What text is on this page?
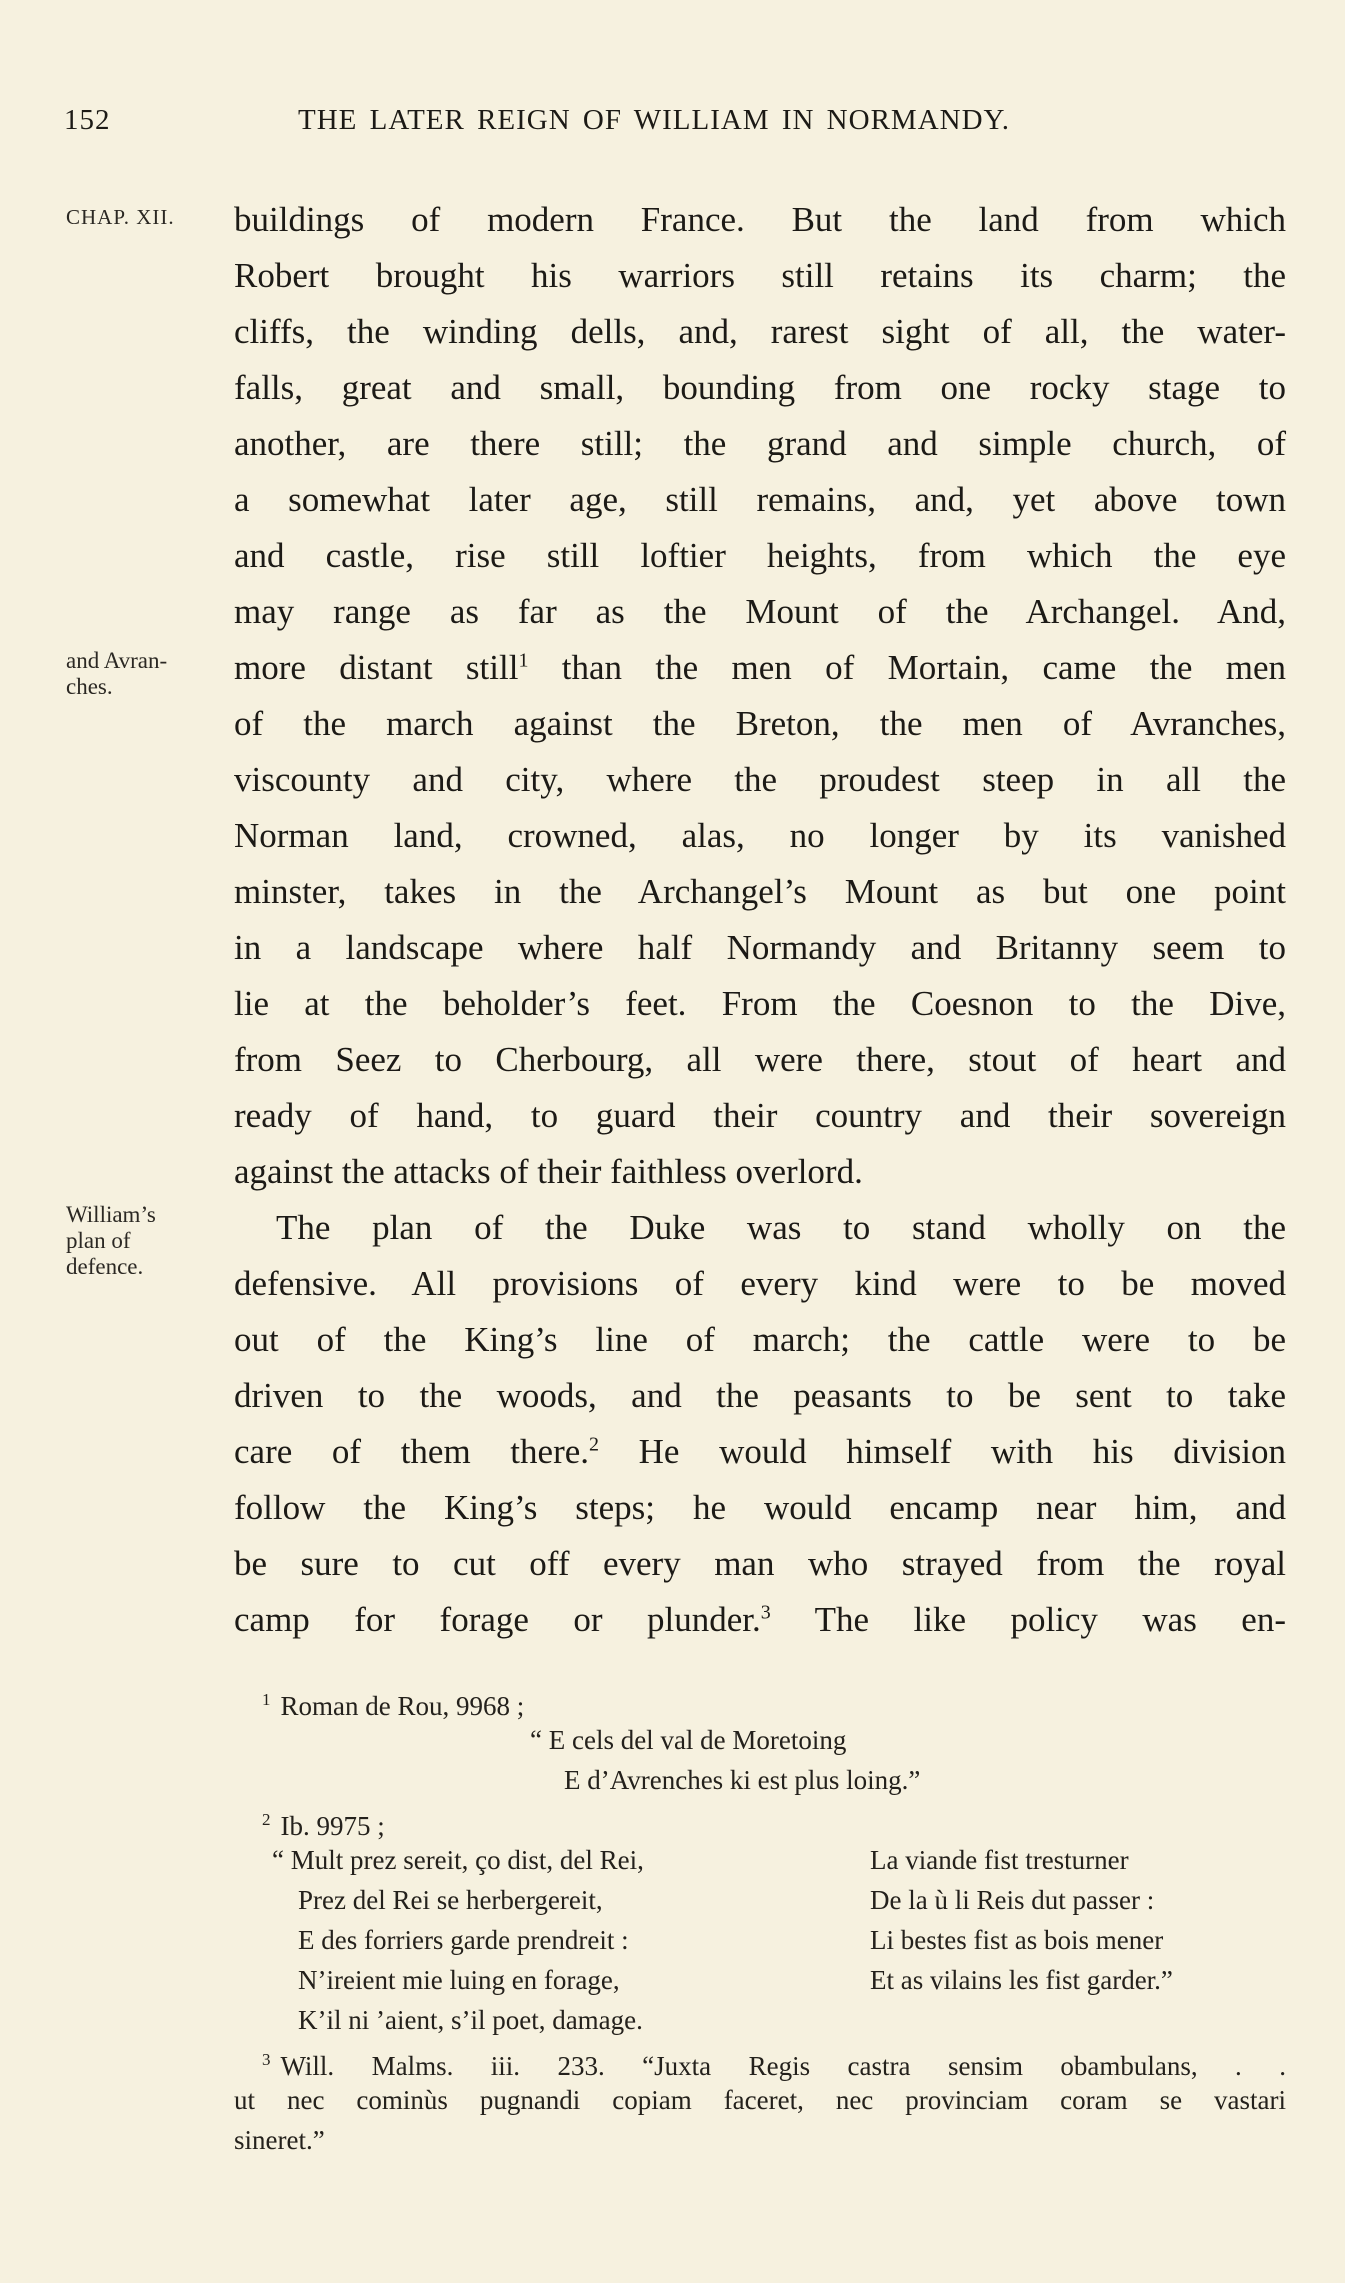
152	THE LATER REIGN OF WILLIAM IN NORMANDY.
CHAP. XII.
and Avran-
ches.
William’s
plan of
defence.
buildings of modern France. But the land from which
Robert brought his warriors still retains its charm; the
cliffs, the winding dells, and, rarest sight of all, the water-
falls, great and small, bounding from one rocky stage to
another, are there still; the grand and simple church, of
a somewhat later age, still remains, and, yet above town
and castle, rise still loftier heights, from which the eye
may range as far as the Mount of the Archangel. And,
more distant still$^1$ than the men of Mortain, came the men
of the march against the Breton, the men of Avranches,
viscounty and city, where the proudest steep in all the
Norman land, crowned, alas, no longer by its vanished
minster, takes in the Archangel’s Mount as but one point
in a landscape where half Normandy and Britanny seem to
lie at the beholder’s feet. From the Coesnon to the Dive,
from Seez to Cherbourg, all were there, stout of heart and
ready of hand, to guard their country and their sovereign
against the attacks of their faithless overlord.
The plan of the Duke was to stand wholly on the
defensive. All provisions of every kind were to be moved
out of the King’s line of march; the cattle were to be
driven to the woods, and the peasants to be sent to take
care of them there.$^2$ He would himself with his division
follow the King’s steps; he would encamp near him, and
be sure to cut off every man who strayed from the royal
camp for forage or plunder.$^3$ The like policy was en-
$^1$ Roman de Rou, 9968 ;
“ E cels del val de Moretoing
E d’Avrenches ki est plus loing.”
$^2$ Ib. 9975 ;
“ Mult prez sereit, ço dist, del Rei,	La viande fist tresturner
Prez del Rei se herbergereit,	De la ù li Reis dut passer :
E des forriers garde prendreit :	Li bestes fist as bois mener
N’ireient mie luing en forage,	Et as vilains les fist garder.”
K’il ni ’aient, s’il poet, damage.
$^3$ Will. Malms. iii. 233. “Juxta Regis castra sensim obambulans, . .
ut nec cominùs pugnandi copiam faceret, nec provinciam coram se vastari
sineret.”
